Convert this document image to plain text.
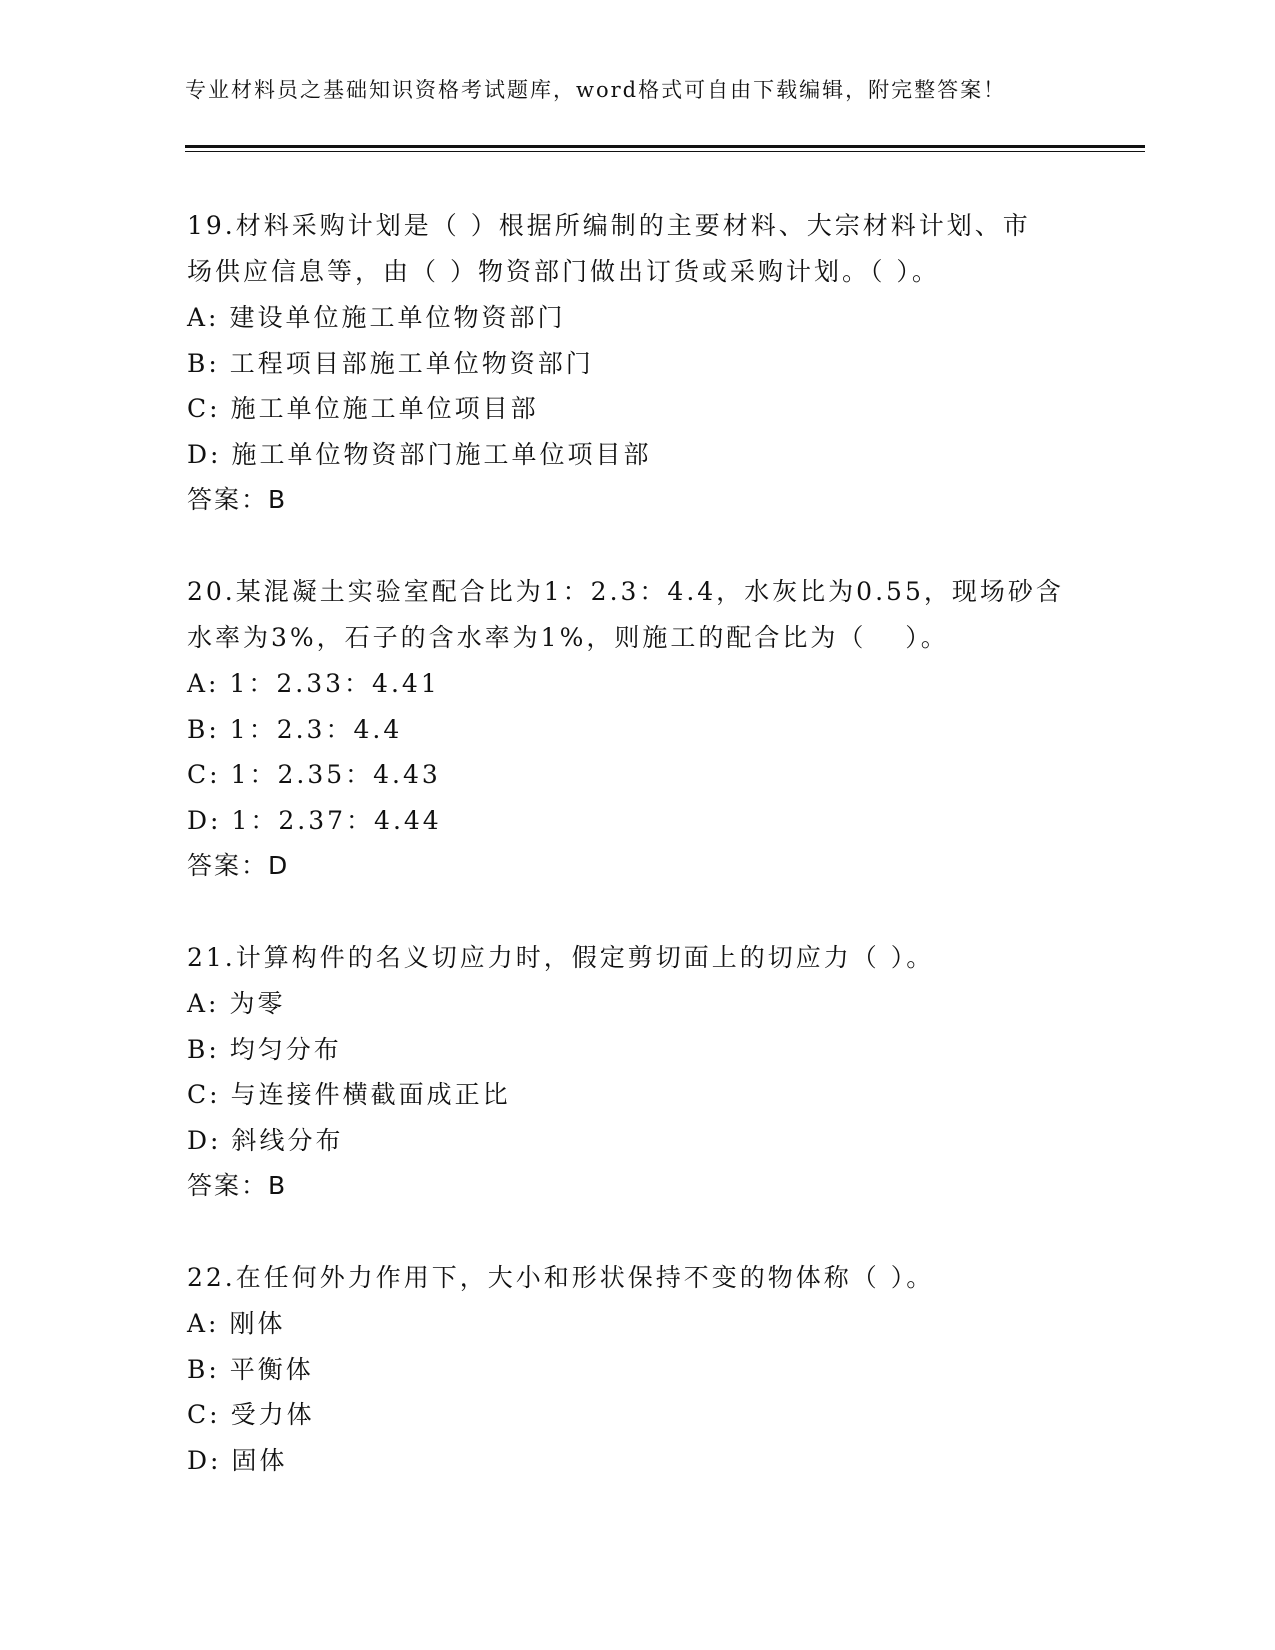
专业材料员之基础知识资格考试题库，word格式可自由下载编辑，附完整答案！
19.材料采购计划是（ ）根据所编制的主要材料、大宗材料计划、市
场供应信息等，由（ ）物资部门做出订货或采购计划。（ ）。
A: 建设单位施工单位物资部门
B: 工程项目部施工单位物资部门
C: 施工单位施工单位项目部
D: 施工单位物资部门施工单位项目部
答案：B
20.某混凝土实验室配合比为1：2.3：4.4，水灰比为0.55，现场砂含
水率为3%，石子的含水率为1%，则施工的配合比为（　 ）。
A: 1：2.33：4.41
B: 1：2.3：4.4
C: 1：2.35：4.43
D: 1：2.37：4.44
答案：D
21.计算构件的名义切应力时，假定剪切面上的切应力（ ）。
A: 为零
B: 均匀分布
C: 与连接件横截面成正比
D: 斜线分布
答案：B
22.在任何外力作用下，大小和形状保持不变的物体称（ ）。
A: 刚体
B: 平衡体
C: 受力体
D: 固体
